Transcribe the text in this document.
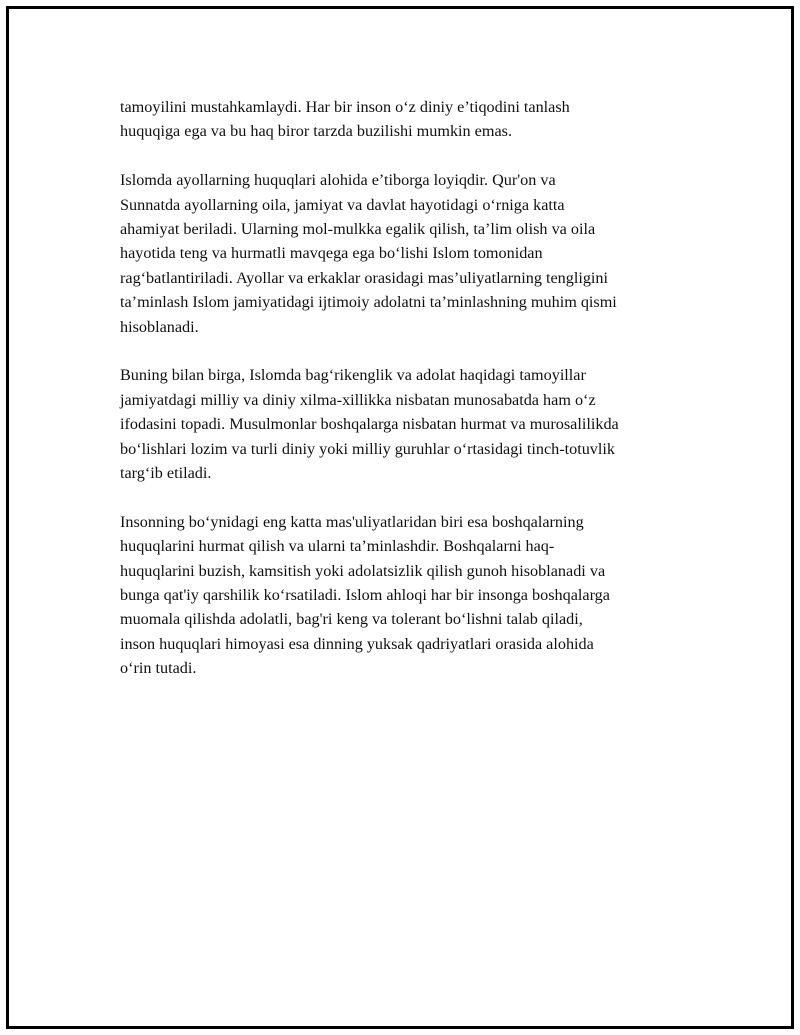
tamoyilini mustahkamlaydi. Har bir inson o‘z diniy e’tiqodini tanlash
huquqiga ega va bu haq biror tarzda buzilishi mumkin emas.

Islomda ayollarning huquqlari alohida e’tiborga loyiqdir. Qur'on va
Sunnatda ayollarning oila, jamiyat va davlat hayotidagi o‘rniga katta
ahamiyat beriladi. Ularning mol-mulkka egalik qilish, ta’lim olish va oila
hayotida teng va hurmatli mavqega ega bo‘lishi Islom tomonidan
rag‘batlantiriladi. Ayollar va erkaklar orasidagi mas’uliyatlarning tengligini
ta’minlash Islom jamiyatidagi ijtimoiy adolatni ta’minlashning muhim qismi
hisoblanadi.

Buning bilan birga, Islomda bag‘rikenglik va adolat haqidagi tamoyillar
jamiyatdagi milliy va diniy xilma-xillikka nisbatan munosabatda ham o‘z
ifodasini topadi. Musulmonlar boshqalarga nisbatan hurmat va murosalilikda
bo‘lishlari lozim va turli diniy yoki milliy guruhlar o‘rtasidagi tinch-totuvlik
targ‘ib etiladi.

Insonning bo‘ynidagi eng katta mas'uliyatlaridan biri esa boshqalarning
huquqlarini hurmat qilish va ularni ta’minlashdir. Boshqalarni haq-
huquqlarini buzish, kamsitish yoki adolatsizlik qilish gunoh hisoblanadi va
bunga qat'iy qarshilik ko‘rsatiladi. Islom ahloqi har bir insonga boshqalarga
muomala qilishda adolatli, bag'ri keng va tolerant bo‘lishni talab qiladi,
inson huquqlari himoyasi esa dinning yuksak qadriyatlari orasida alohida
o‘rin tutadi.
